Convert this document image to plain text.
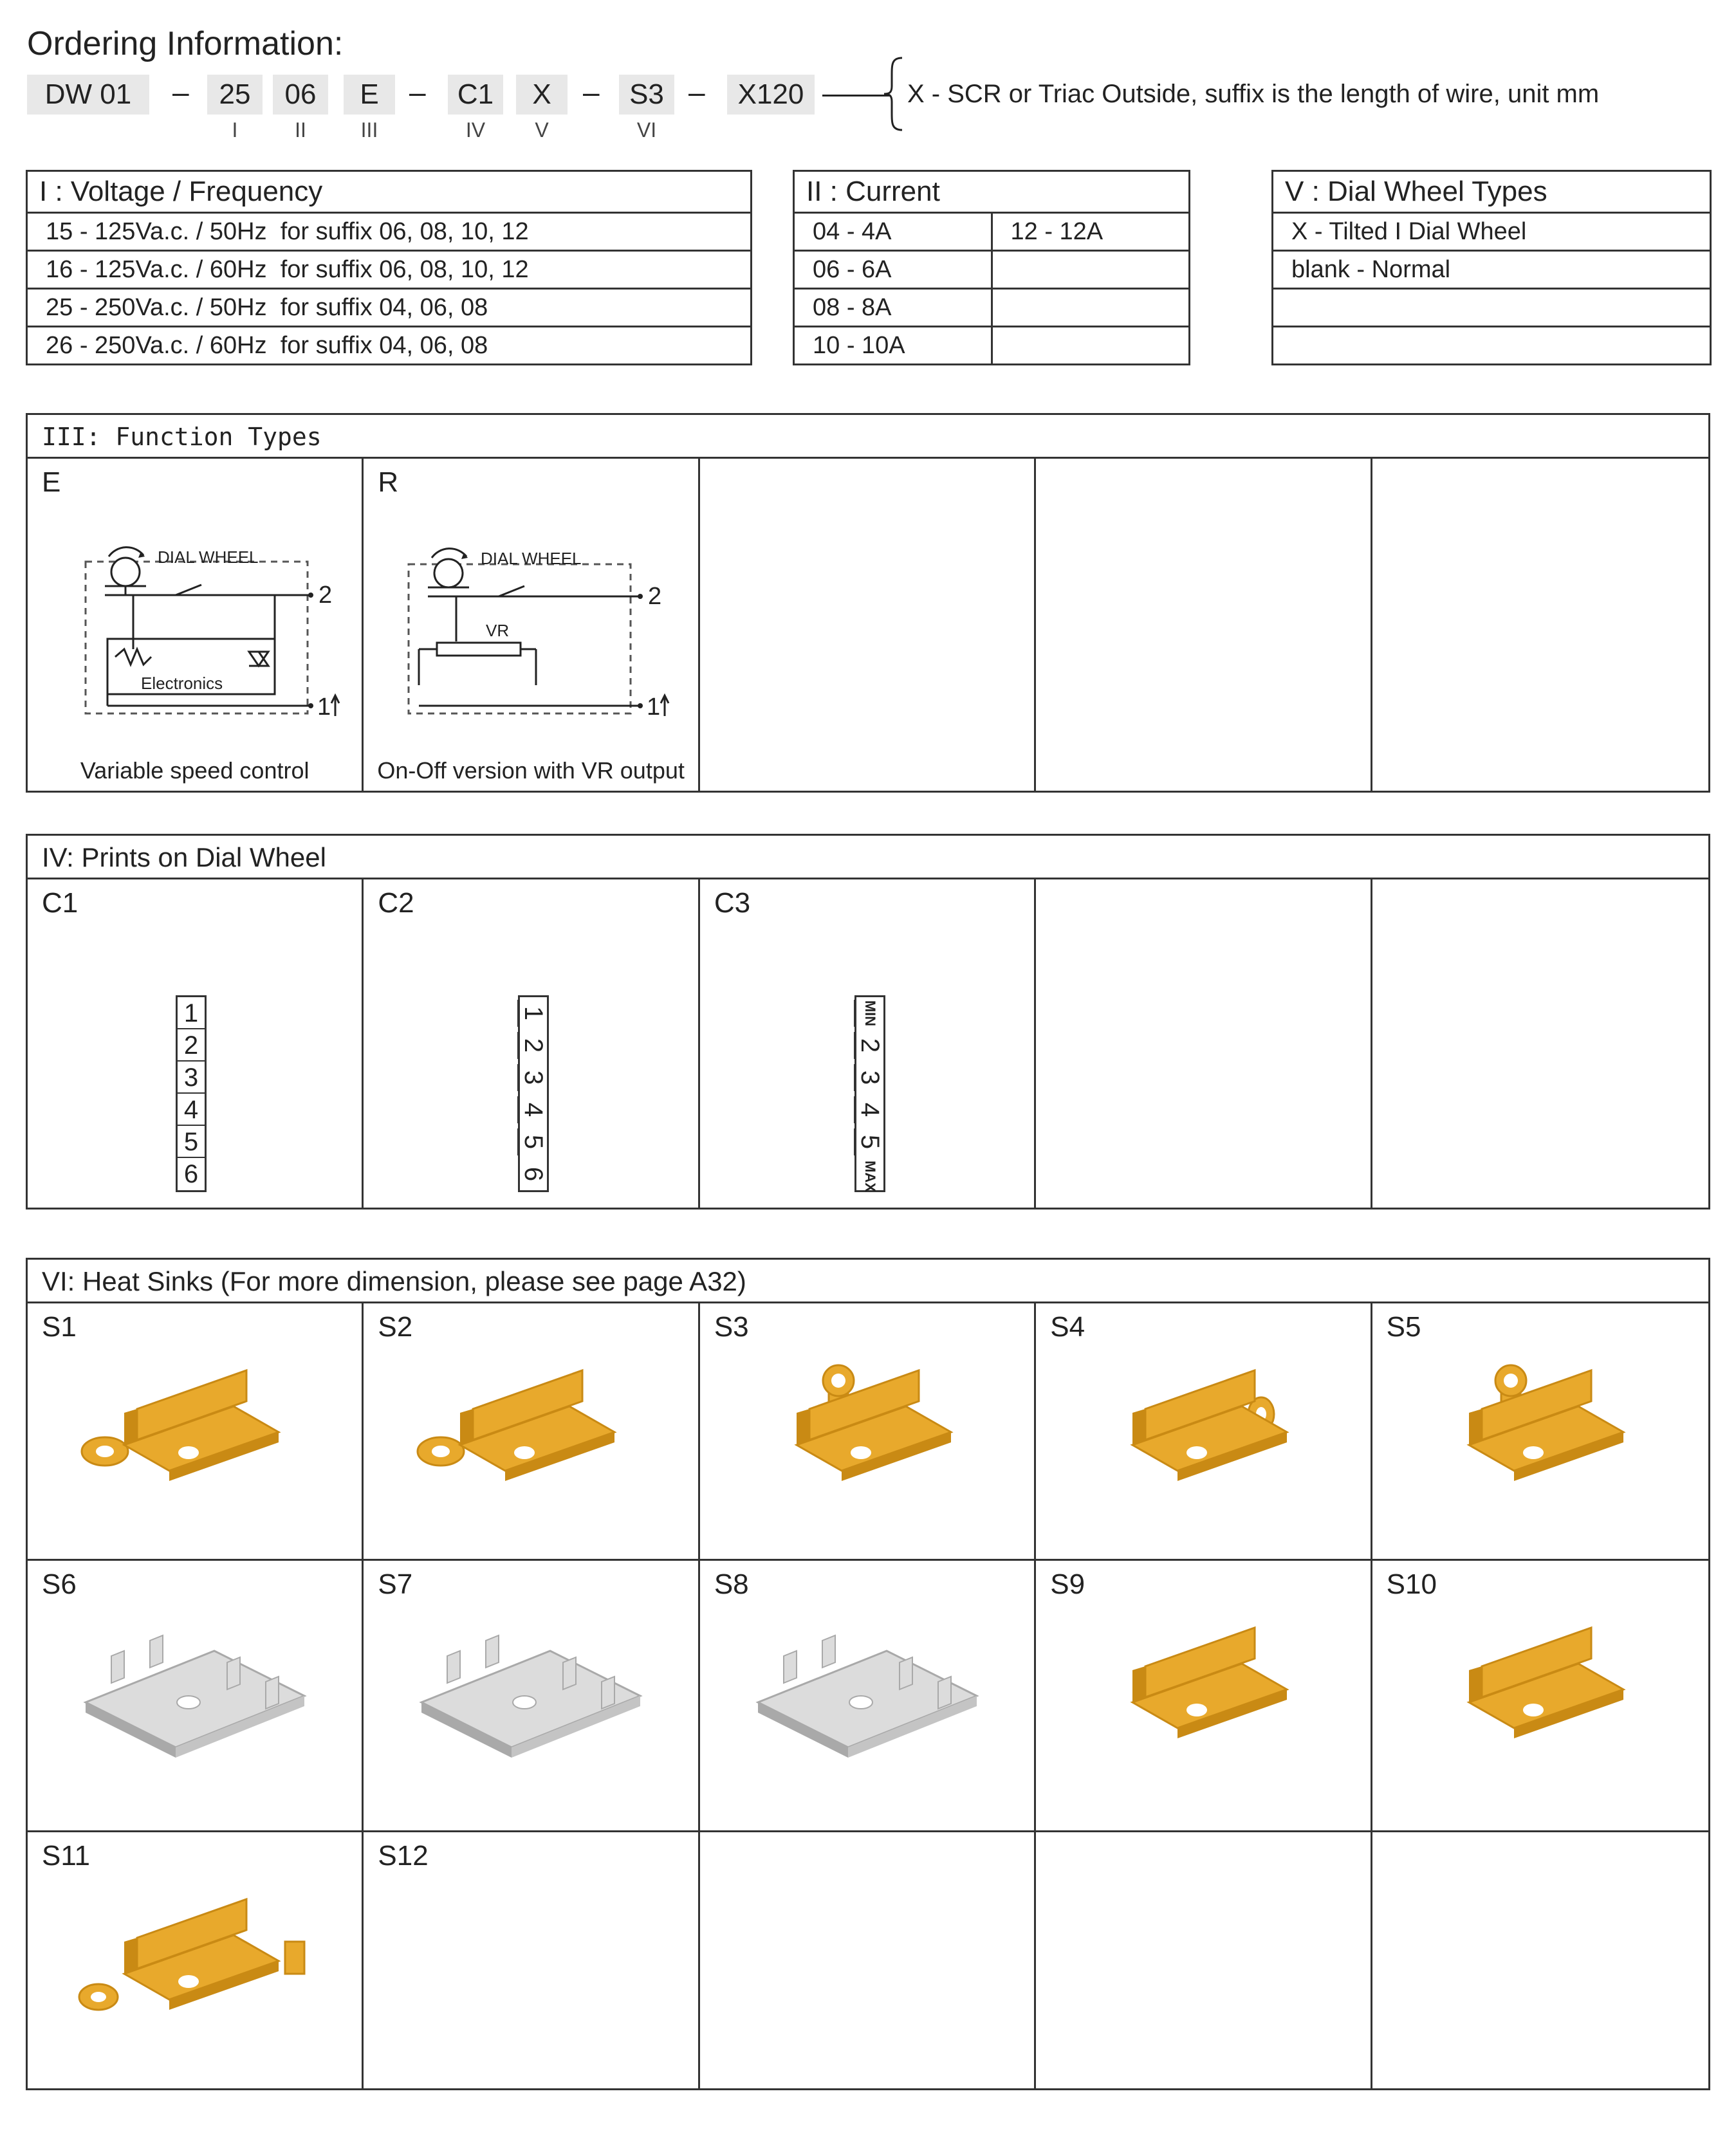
Ordering Information:
DW 01	–	25	06	E	–	C1	X	–	S3 –	X120
I	II	III	IV	V	VI
X - SCR or Triac Outside, suffix is the length of wire, unit mm
I : Voltage / Frequency
15 - 125Va.c. / 50Hz for suffix 06, 08, 10, 12
16 - 125Va.c. / 60Hz for suffix 06, 08, 10, 12
25 - 250Va.c. / 50Hz for suffix 04, 06, 08
26 - 250Va.c. / 60Hz for suffix 04, 06, 08
II : Current	
04 - 4A	12 - 12A
06 - 6A	
08 - 8A	
10 - 10A	
V : Dial Wheel Types
X - Tilted I Dial Wheel
blank - Normal

III: Function Types
E
DIAL WHEEL
2
Electronics
1
Variable speed control
R
DIAL WHEEL
2
VR
1
On-Off version with VR output
IV: Prints on Dial Wheel
C1
1
2
3
4
5
6
C2
1
2
3
4
5
6
C3
MIN
2
3
4
5
MAX
VI: Heat Sinks (For more dimension, please see page A32)
S1	S2	S3	S4	S5
S6	S7	S8	S9	S10
S11	S12
